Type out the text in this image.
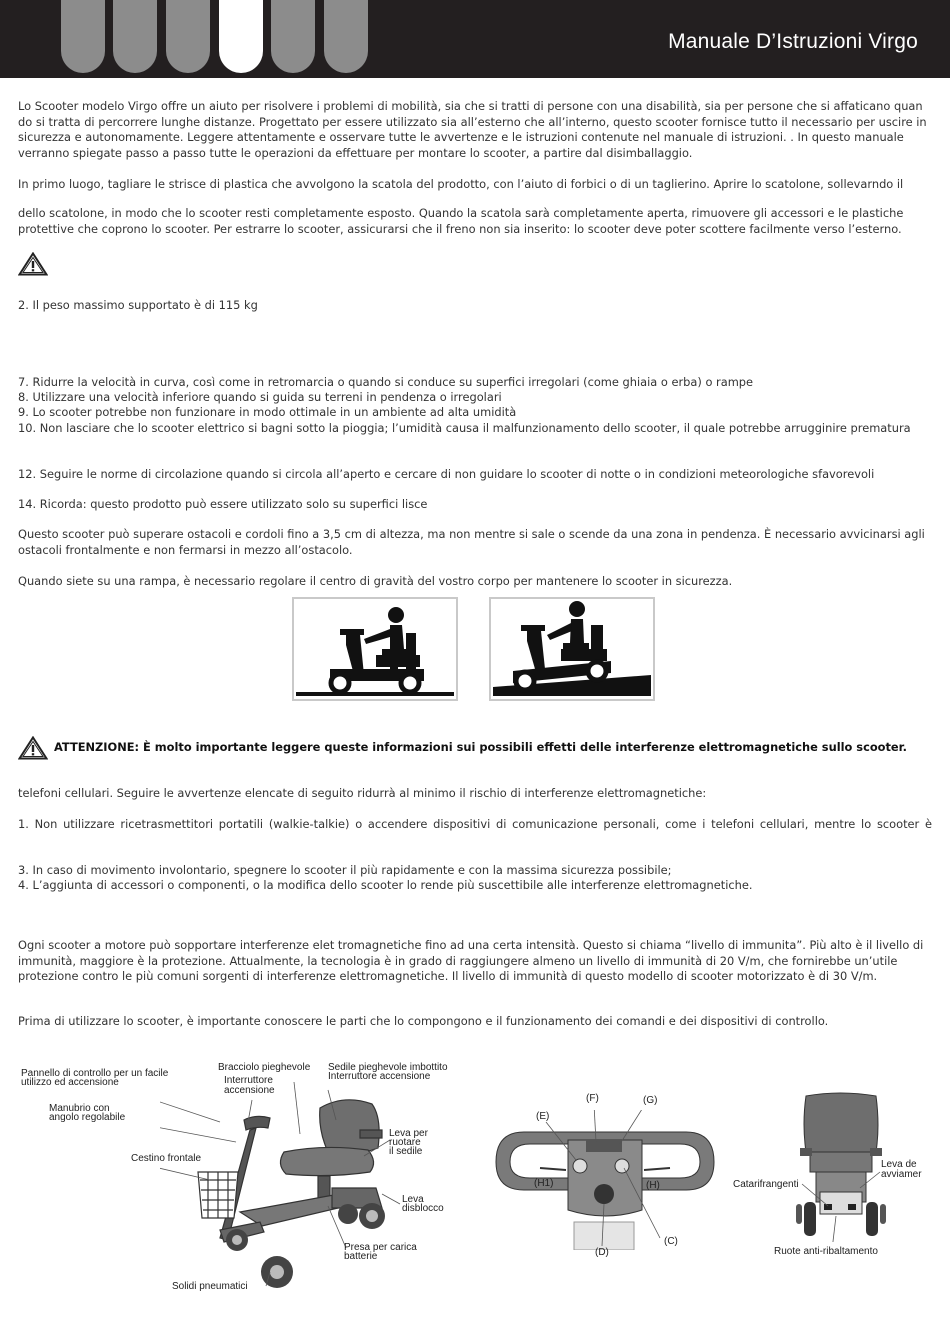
Manuale D’Istruzioni Virgo

Lo Scooter modelo Virgo offre un aiuto per risolvere i problemi di mobilità, sia che si tratti di persone con una disabilità, sia per persone che si affaticano quan do si tratta di percorrere lunghe distanze. Progettato per essere utilizzato sia all’esterno che all’interno, questo scooter fornisce tutto il necessario per uscire in sicurezza e autonomamente. Leggere attentamente e osservare tutte le avvertenze e le istruzioni contenute nel manuale di istruzioni. . In questo manuale verranno spiegate passo a passo tutte le operazioni da effettuare per montare lo scooter, a partire dal disimballaggio.

In primo luogo, tagliare le strisce di plastica che avvolgono la scatola del prodotto, con l’aiuto di forbici o di un taglierino. Aprire lo scatolone, sollevarndo il

dello scatolone, in modo che lo scooter resti completamente esposto. Quando la scatola sarà completamente aperta, rimuovere gli accessori e le plastiche protettive che coprono lo scooter. Per estrarre lo scooter, assicurarsi che il freno non sia inserito: lo scooter deve poter scottere facilmente verso l’esterno.

2. Il peso massimo supportato è di 115 kg
7. Ridurre la velocità in curva, così come in retromarcia o quando si conduce su superfici irregolari (come ghiaia o erba) o rampe
8. Utilizzare una velocità inferiore quando si guida su terreni in pendenza o irregolari
9. Lo scooter potrebbe non funzionare in modo ottimale in un ambiente ad alta umidità
10. Non lasciare che lo scooter elettrico si bagni sotto la pioggia; l’umidità causa il malfunzionamento dello scooter, il quale potrebbe arrugginire prematura
12. Seguire le norme di circolazione quando si circola all’aperto e cercare di non guidare lo scooter di notte o in condizioni meteorologiche sfavorevoli
14. Ricorda: questo prodotto può essere utilizzato solo su superfici lisce

Questo scooter può superare ostacoli e cordoli fino a 3,5 cm di altezza, ma non mentre si sale o scende da una zona in pendenza. È necessario avvicinarsi agli ostacoli frontalmente e non fermarsi in mezzo all’ostacolo.

Quando siete su una rampa, è necessario regolare il centro di gravità del vostro corpo per mantenere lo scooter in sicurezza.
ATTENZIONE: È molto importante leggere queste informazioni sui possibili effetti delle interferenze elettromagnetiche sullo scooter.
telefoni cellulari. Seguire le avvertenze elencate di seguito ridurrà al minimo il rischio di interferenze elettromagnetiche:
1. Non utilizzare ricetrasmettitori portatili (walkie-talkie) o accendere dispositivi di comunicazione personali, come i telefoni cellulari, mentre lo scooter è
3. In caso di movimento involontario, spegnere lo scooter il più rapidamente e con la massima sicurezza possibile;
4. L’aggiunta di accessori o componenti, o la modifica dello scooter lo rende più suscettibile alle interferenze elettromagnetiche.

Ogni scooter a motore può sopportare interferenze elet tromagnetiche fino ad una certa intensità. Questo si chiama “livello di immunita”. Più alto è il livello di immunità, maggiore è la protezione. Attualmente, la tecnologia è in grado di raggiungere almeno un livello di immunità di 20 V/m, che fornirebbe un’utile protezione contro le più comuni sorgenti di interferenze elettromagnetiche. Il livello di immunità di questo modello di scooter motorizzato è di 30 V/m.

Prima di utilizzare lo scooter, è importante conoscere le parti che lo compongono e il funzionamento dei comandi e dei dispositivi di controllo.
Pannello di controllo per un facile
utilizzo ed accensione
Bracciolo pieghevole
Interruttore
accensione
Sedile pieghevole imbottito
Interruttore accensione
Manubrio con
angolo regolabile
Leva per
ruotare
il sedile
Cestino frontale
Leva
disblocco
Presa per carica
batterie
Solidi pneumatici
(E)
(F)	(G)
(H1)	(H)
(C)
(D)
Catarifrangenti
Leva de
avviamer
Ruote anti-ribaltamento
